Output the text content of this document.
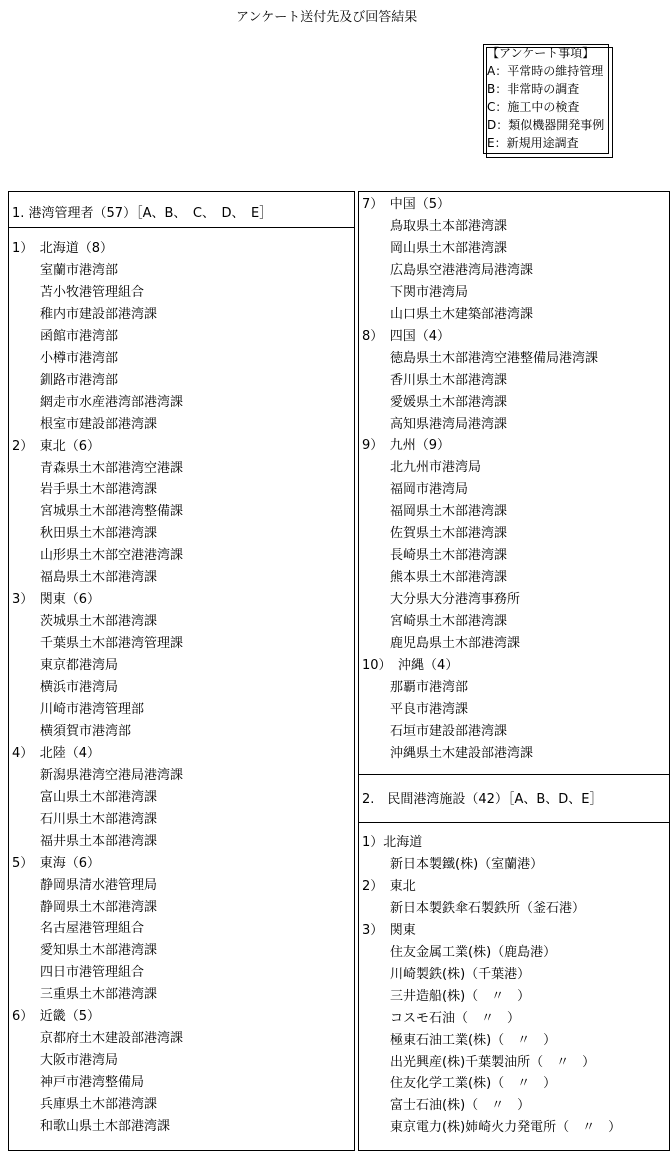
アンケート送付先及び回答結果
【アンケート事項】
A：平常時の維持管理
B：非常時の調査
C：施工中の検査
D：類似機器開発事例
E：新規用途調査
1. 港湾管理者（57）［A、B、　C、　D、　E］
2.　民間港湾施設（42）［A、B、D、E］
1）　北海道（8）
室蘭市港湾部
苫小牧港管理組合
稚内市建設部港湾課
函館市港湾部
小樽市港湾部
釧路市港湾部
網走市水産港湾部港湾課
根室市建設部港湾課
2）　東北（6）
青森県土木部港湾空港課
岩手県土木部港湾課
宮城県土木部港湾整備課
秋田県土木部港湾課
山形県土木部空港港湾課
福島県土木部港湾課
3）　関東（6）
茨城県土木部港湾課
千葉県土木部港湾管理課
東京都港湾局
横浜市港湾局
川崎市港湾管理部
横須賀市港湾部
4）　北陸（4）
新潟県港湾空港局港湾課
富山県土木部港湾課
石川県土木部港湾課
福井県土本部港湾課
5）　東海（6）
静岡県清水港管理局
静岡県土木部港湾課
名古屋港管理組合
愛知県土木部港湾課
四日市港管理組合
三重県土木部港湾課
6）　近畿（5）
京都府土木建設部港湾課
大阪市港湾局
神戸市港湾整備局
兵庫県土木部港湾課
和歌山県土木部港湾課
7）　中国（5）
鳥取県土本部港湾課
岡山県土木部港湾課
広島県空港港湾局港湾課
下関市港湾局
山口県土木建築部港湾課
8）　四国（4）
徳島県土木部港湾空港整備局港湾課
香川県土木部港湾課
愛媛県土木部港湾課
高知県港湾局港湾課
9）　九州（9）
北九州市港湾局
福岡市港湾局
福岡県土木部港湾課
佐賀県土木部港湾課
長崎県土木部港湾課
熊本県土木部港湾課
大分県大分港湾事務所
宮崎県土木部港湾課
鹿児島県土木部港湾課
10）　沖縄（4）
那覇市港湾部
平良市港湾課
石垣市建設部港湾課
沖縄県土木建設部港湾課
1）北海道
新日本製鐵(株)（室蘭港）
2）　東北
新日本製鉄傘石製鉄所（釜石港）
3）　関東
住友金属工業(株)（鹿島港）
川崎製鉄(株)（千葉港）
三井造船(株)（　〃　）
コスモ石油（　〃　）
極東石油工業(株)（　〃　）
出光興産(株)千葉製油所（　〃　）
住友化学工業(株)（　〃　）
富士石油(株)（　〃　）
東京電力(株)姉崎火力発電所（　〃　）
